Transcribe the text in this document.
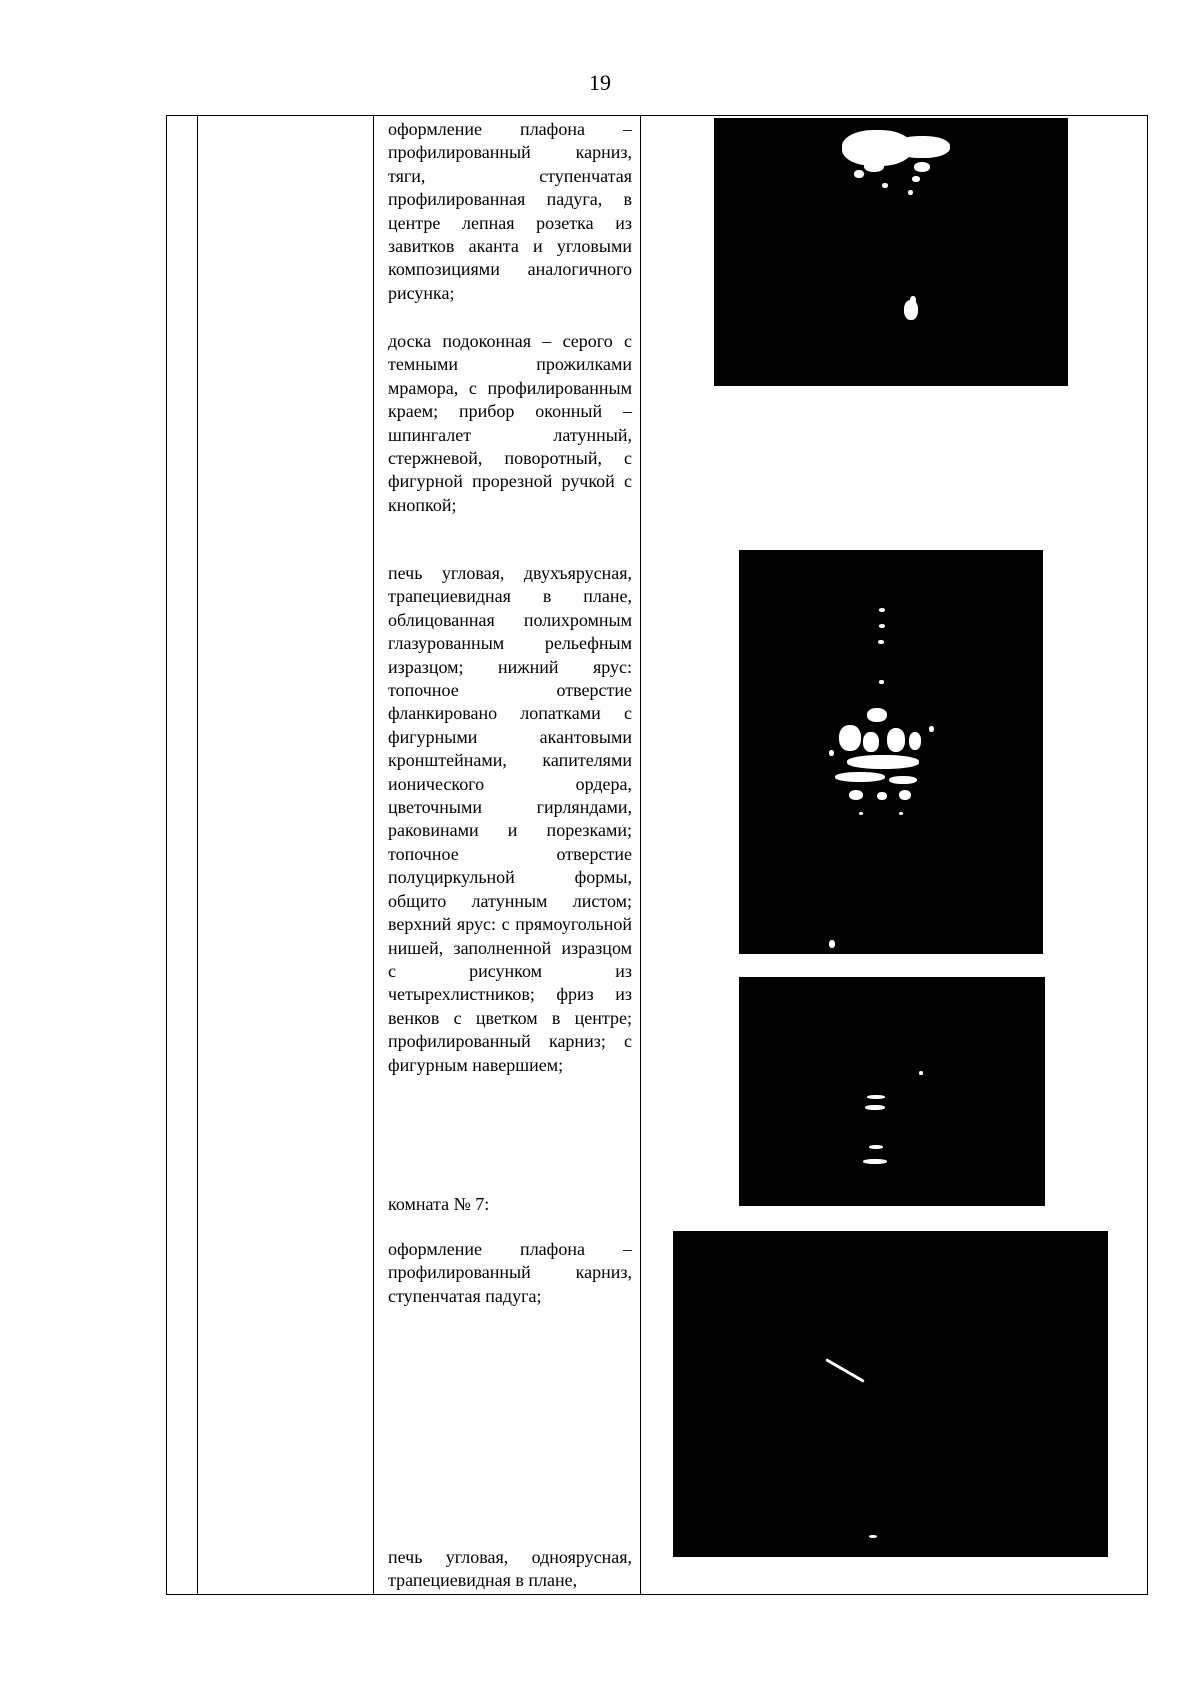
19

оформление плафона – профилированный карниз, тяги, ступенчатая профилированная падуга, в центре лепная розетка из завитков аканта и угловыми композициями аналогичного рисунка;

доска подоконная – серого с темными прожилками мрамора, с профилированным краем; прибор оконный – шпингалет латунный, стержневой, поворотный, с фигурной прорезной ручкой с кнопкой;

печь угловая, двухъярусная, трапециевидная в плане, облицованная полихромным глазурованным рельефным изразцом; нижний ярус: топочное отверстие фланкировано лопатками с фигурными акантовыми кронштейнами, капителями ионического ордера, цветочными гирляндами, раковинами и порезками; топочное отверстие полуциркульной формы, общито латунным листом; верхний ярус: с прямоугольной нишей, заполненной изразцом с рисунком из четырехлистников; фриз из венков с цветком в центре; профилированный карниз; с фигурным навершием;

комната № 7:

оформление плафона – профилированный карниз, ступенчатая падуга;

печь угловая, одноярусная, трапециевидная в плане,
